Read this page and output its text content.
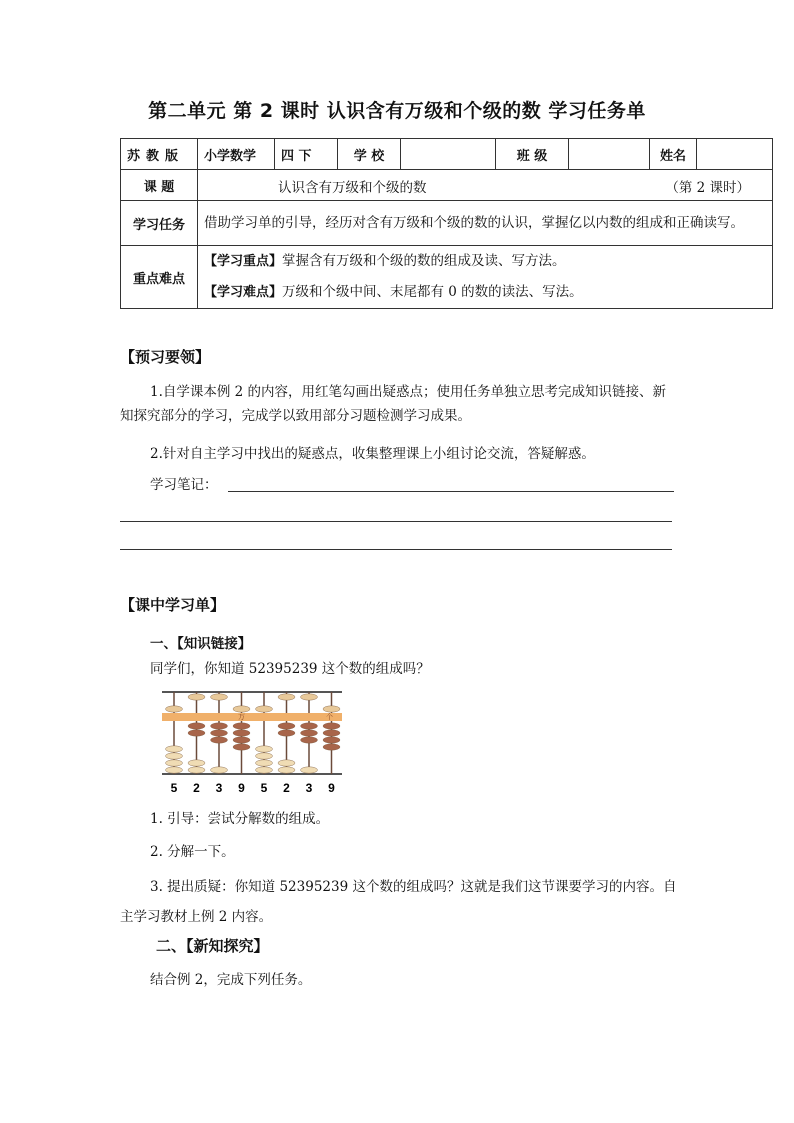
第二单元 第 2 课时 认识含有万级和个级的数 学习任务单
苏教版	小学数学	四 下	学 校		班 级		姓名	
课 题	认识含有万级和个级的数 （第 2 课时）							

学习任务	借助学习单的引导，经历对含有万级和个级的数的认识，掌握亿以内数的组成和正确读写。							
重点难点	【学习重点】掌握含有万级和个级的数的组成及读、写方法。
【学习难点】万级和个级中间、末尾都有 0 的数的读法、写法。							
【预习要领】
1.自学课本例 2 的内容，用红笔勾画出疑惑点；使用任务单独立思考完成知识链接、新知探究部分的学习，完成学以致用部分习题检测学习成果。
2.针对自主学习中找出的疑惑点，收集整理课上小组讨论交流，答疑解惑。
学习笔记：
【课中学习单】
一、【知识链接】
同学们，你知道 52395239 这个数的组成吗？
万	个
5 2 3 9 5 2 3 9
1. 引导：尝试分解数的组成。
2. 分解一下。
3. 提出质疑：你知道 52395239 这个数的组成吗？这就是我们这节课要学习的内容。自主学习教材上例 2 内容。
二、【新知探究】
结合例 2，完成下列任务。
